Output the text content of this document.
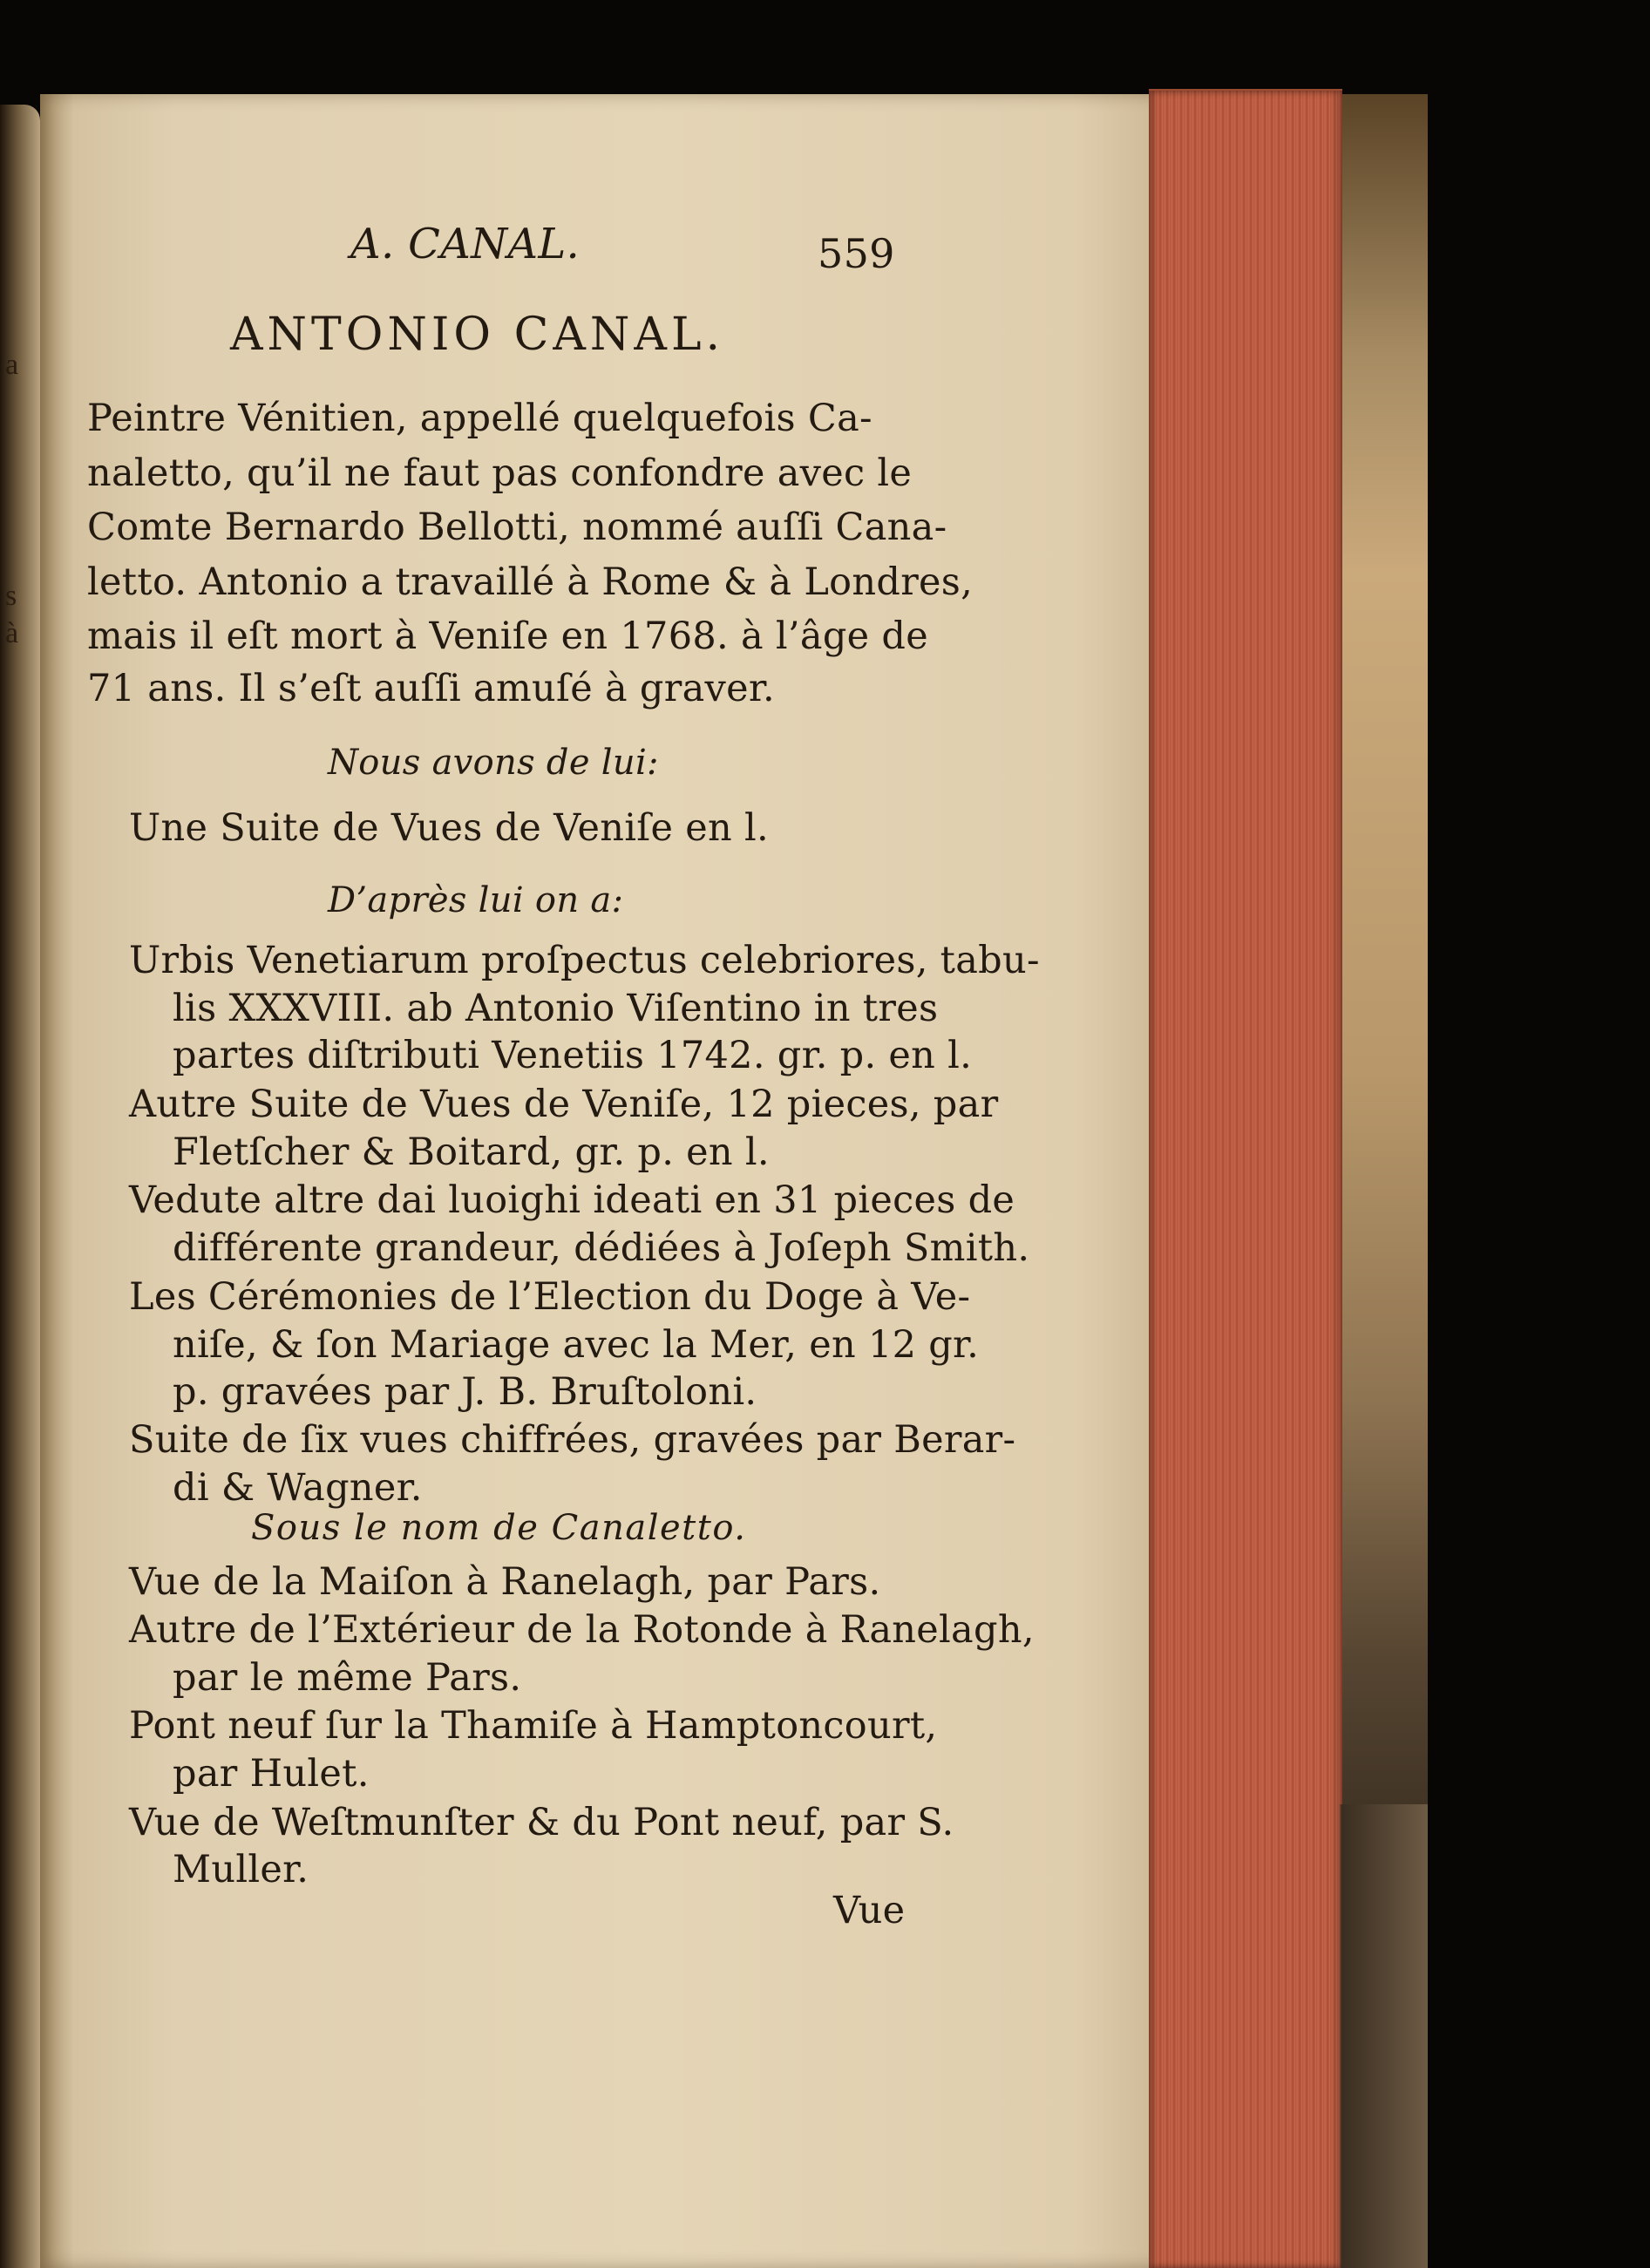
a
s
à
A. CANAL.	559
ANTONIO CANAL.
Peintre Vénitien, appellé quelquefois Ca-
naletto, qu’il ne faut pas confondre avec le
Comte Bernardo Bellotti, nommé auſſi Cana-
letto. Antonio a travaillé à Rome & à Londres,
mais il eſt mort à Veniſe en 1768. à l’âge de
71 ans. Il s’eſt auſſi amuſé à graver.
Nous avons de lui:
Une Suite de Vues de Veniſe en l.
D’après lui on a:
Urbis Venetiarum proſpectus celebriores, tabu-
lis XXXVIII. ab Antonio Viſentino in tres
partes diſtributi Venetiis 1742. gr. p. en l.
Autre Suite de Vues de Veniſe, 12 pieces, par
Fletſcher & Boitard, gr. p. en l.
Vedute altre dai luoighi ideati en 31 pieces de
différente grandeur, dédiées à Joſeph Smith.
Les Cérémonies de l’Election du Doge à Ve-
niſe, & ſon Mariage avec la Mer, en 12 gr.
p. gravées par J. B. Bruſtoloni.
Suite de ſix vues chiffrées, gravées par Berar-
di & Wagner.
Sous le nom de Canaletto.
Vue de la Maiſon à Ranelagh, par Pars.
Autre de l’Extérieur de la Rotonde à Ranelagh,
par le même Pars.
Pont neuf ſur la Thamiſe à Hamptoncourt,
par Hulet.
Vue de Weſtmunſter & du Pont neuf, par S.
Muller.
Vue
